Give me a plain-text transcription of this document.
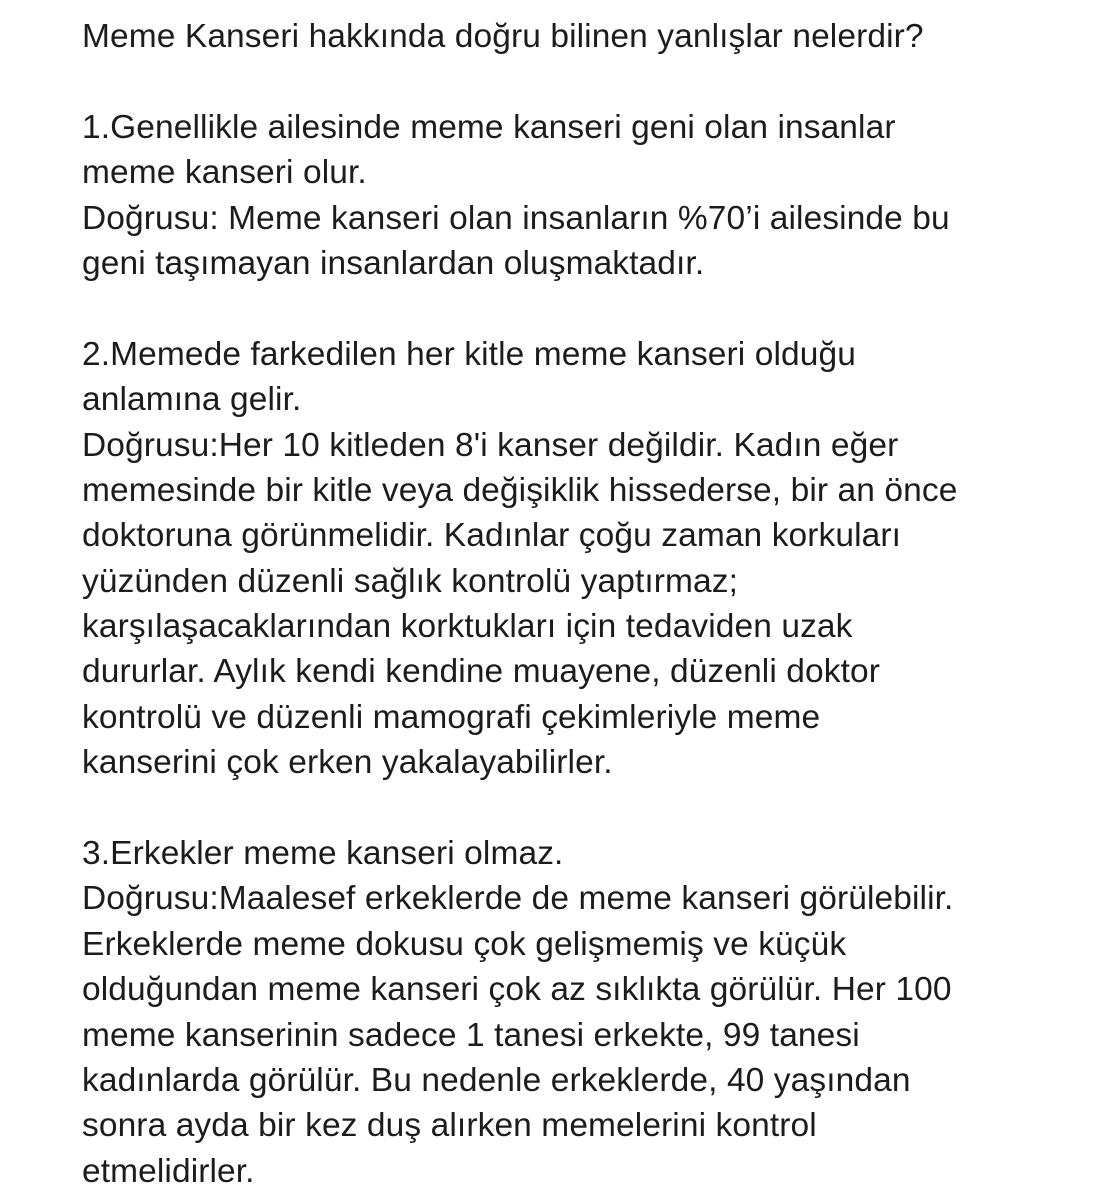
Meme Kanseri hakkında doğru bilinen yanlışlar nelerdir?
1.Genellikle ailesinde meme kanseri geni olan insanlar
meme kanseri olur.
Doğrusu: Meme kanseri olan insanların %70’i ailesinde bu
geni taşımayan insanlardan oluşmaktadır.
2.Memede farkedilen her kitle meme kanseri olduğu
anlamına gelir.
Doğrusu:Her 10 kitleden 8'i kanser değildir. Kadın eğer
memesinde bir kitle veya değişiklik hissederse, bir an önce
doktoruna görünmelidir. Kadınlar çoğu zaman korkuları
yüzünden düzenli sağlık kontrolü yaptırmaz;
karşılaşacaklarından korktukları için tedaviden uzak
dururlar. Aylık kendi kendine muayene, düzenli doktor
kontrolü ve düzenli mamografi çekimleriyle meme
kanserini çok erken yakalayabilirler.
3.Erkekler meme kanseri olmaz.
Doğrusu:Maalesef erkeklerde de meme kanseri görülebilir.
Erkeklerde meme dokusu çok gelişmemiş ve küçük
olduğundan meme kanseri çok az sıklıkta görülür. Her 100
meme kanserinin sadece 1 tanesi erkekte, 99 tanesi
kadınlarda görülür. Bu nedenle erkeklerde, 40 yaşından
sonra ayda bir kez duş alırken memelerini kontrol
etmelidirler.
